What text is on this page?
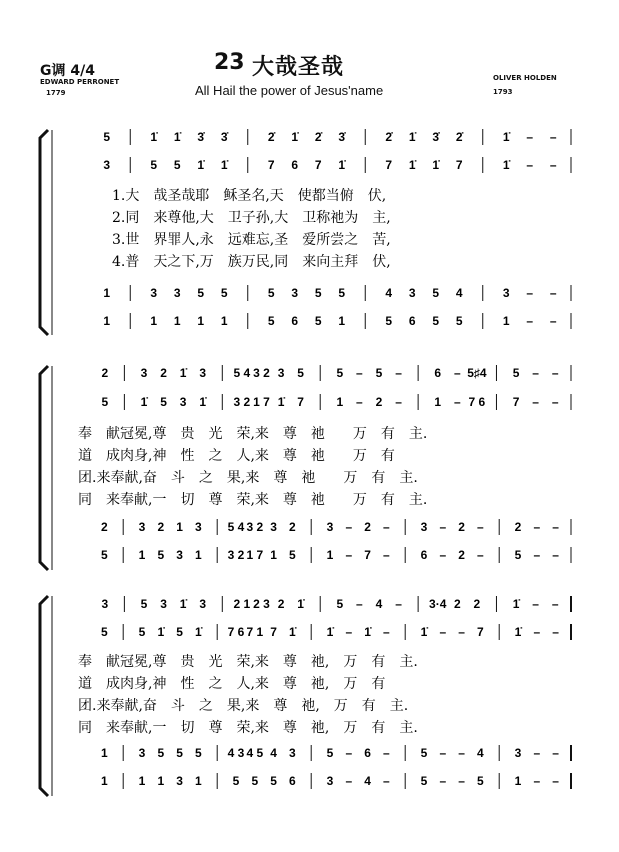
G调 4/4
EDWARD PERRONET
1779
23 大哉圣哉
All Hail the power of Jesus'name
OLIVER HOLDEN
1793
5	1̇ 1̇ 3̇ 3̇	2̇ 1̇ 2̇ 3̇	2̇ 1̇ 3̇ 2̇	1̇ – –
3	5 5 1̇ 1̇	7 6 7 1̇	7 1̇ 1̇ 7	1̇ – –
1	3 3 5 5	5 3 5 5	4 3 5 4	3 – –
1	1 1 1 1	5 6 5 1	5 6 5 5	1 – –
1.大　哉圣哉耶　稣圣名,天　使都当俯　伏,
2.同　来尊他,大　卫子孙,大　卫称祂为　主,
3.世　界罪人,永　远难忘,圣　爱所尝之　苦,
4.普　天之下,万　族万民,同　来向主拜　伏,
2	3 2 1̇ 3 5 4 3 2 3 5	5 – 5 –	6 – 5♯4 5 – –
5	1̇ 5 3 1̇ 3 2 1 7 1̇ 7	1 – 2 –	1 – 7 6 7 – –
2	3 2 1 3 5 4 3 2 3 2	3 – 2 –	3 – 2 –	2 – –
5	1 5 3 1 3 2 1 7 1 5	1 – 7 –	6 – 2 –	5 – –
奉　献冠冕,尊　贵　光　荣,来　尊　祂　　万　有　主.
道　成肉身,神　性　之　人,来　尊　祂　　万　有
团.来奉献,奋　斗　之　果,来　尊　祂　　万　有　主.
同　来奉献,一　切　尊　荣,来　尊　祂　　万　有　主.
3	5 3 1̇ 3 2 1 2 3 2 1̇	5 – 4 – 3·4 2 2	1̇ – –
5	5 1̇ 5 1̇ 7 6 7 1 7 1̇	1̇ – 1̇ –	1̇ – – 7	1̇ – –
1	3 5 5 5 4 3 4 5 4 3	5 – 6 –	5 – – 4	3 – –
1	1 1 3 1	5 5 5 6	3 – 4 –	5 – – 5	1 – –
奉　献冠冕,尊　贵　光　荣,来　尊　祂,　万　有　主.
道　成肉身,神　性　之　人,来　尊　祂,　万　有
团.来奉献,奋　斗　之　果,来　尊　祂,　万　有　主.
同　来奉献,一　切　尊　荣,来　尊　祂,　万　有　主.
